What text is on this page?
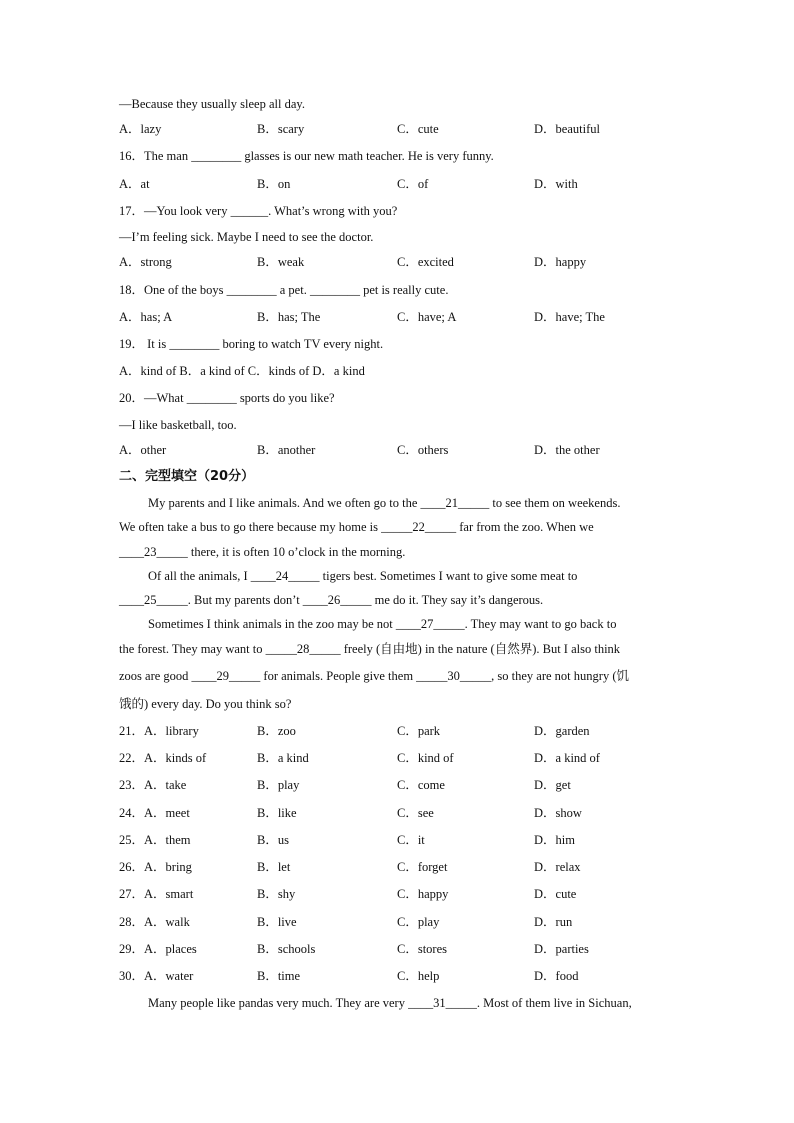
—Because they usually sleep all day.
A．lazy	B．scary	C．cute	D．beautiful
16．The man ________ glasses is our new math teacher. He is very funny.
A．at	B．on	C．of	D．with
17．—You look very ______. What’s wrong with you?
—I’m feeling sick. Maybe I need to see the doctor.
A．strong	B．weak	C．excited	D．happy
18．One of the boys ________ a pet. ________ pet is really cute.
A．has; A	B．has; The	C．have; A	D．have; The
19． It is ________ boring to watch TV every night.
A．kind of B．a kind of C．kinds of D．a kind
20．—What ________ sports do you like?
—I like basketball, too.
A．other	B．another	C．others	D．the other
二、完型填空（20分）
My parents and I like animals. And we often go to the ____21_____ to see them on weekends.
We often take a bus to go there because my home is _____22_____ far from the zoo. When we
____23_____ there, it is often 10 o’clock in the morning.
Of all the animals, I ____24_____ tigers best. Sometimes I want to give some meat to
____25_____. But my parents don’t ____26_____ me do it. They say it’s dangerous.
Sometimes I think animals in the zoo may be not ____27_____. They may want to go back to
the forest. They may want to _____28_____ freely (自由地) in the nature (自然界). But I also think
zoos are good ____29_____ for animals. People give them _____30_____, so they are not hungry (饥
饿的) every day. Do you think so?
21．A．library	B．zoo	C．park	D．garden
22．A．kinds of	B．a kind	C．kind of	D．a kind of
23．A．take	B．play	C．come	D．get
24．A．meet	B．like	C．see	D．show
25．A．them	B．us	C．it	D．him
26．A．bring	B．let	C．forget	D．relax
27．A．smart	B．shy	C．happy	D．cute
28．A．walk	B．live	C．play	D．run
29．A．places	B．schools	C．stores	D．parties
30．A．water	B．time	C．help	D．food
Many people like pandas very much. They are very ____31_____. Most of them live in Sichuan,
